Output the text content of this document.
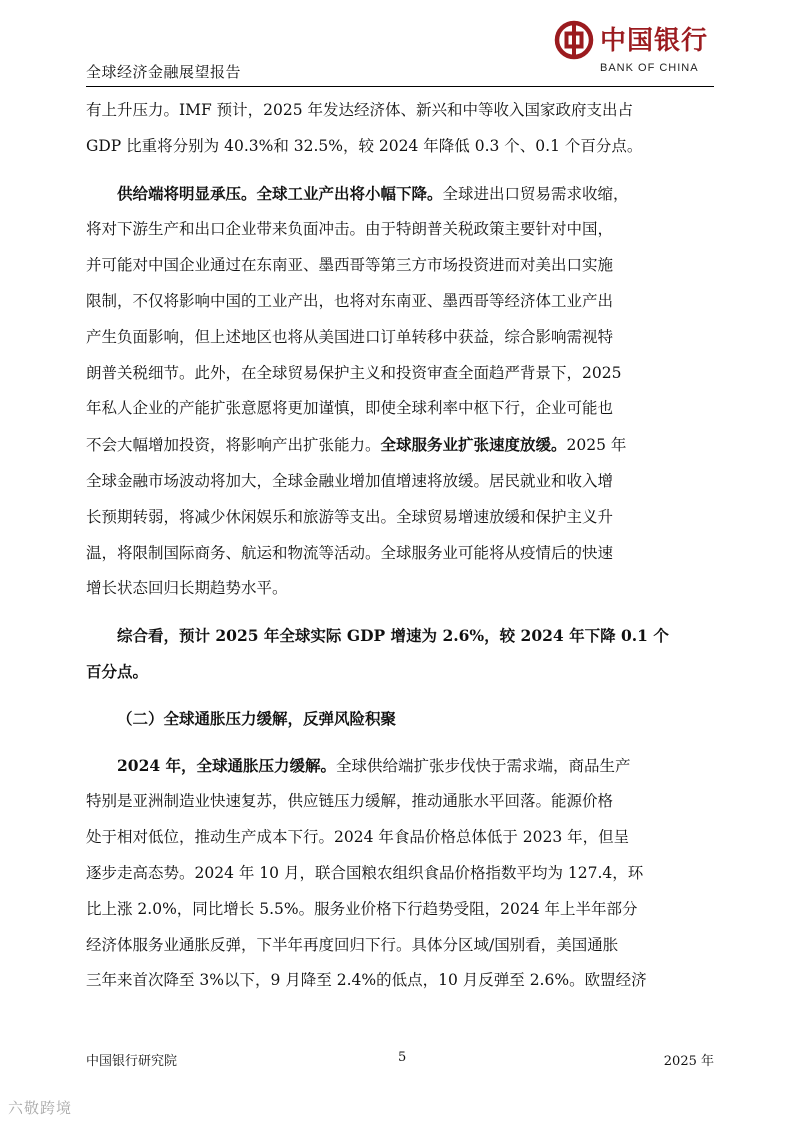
全球经济金融展望报告
中国银行
BANK OF CHINA

有上升压力。IMF 预计，2025 年发达经济体、新兴和中等收入国家政府支出占
GDP 比重将分别为 40.3%和 32.5%，较 2024 年降低 0.3 个、0.1 个百分点。

供给端将明显承压。全球工业产出将小幅下降。全球进出口贸易需求收缩，
将对下游生产和出口企业带来负面冲击。由于特朗普关税政策主要针对中国，
并可能对中国企业通过在东南亚、墨西哥等第三方市场投资进而对美出口实施
限制，不仅将影响中国的工业产出，也将对东南亚、墨西哥等经济体工业产出
产生负面影响，但上述地区也将从美国进口订单转移中获益，综合影响需视特
朗普关税细节。此外，在全球贸易保护主义和投资审查全面趋严背景下，2025
年私人企业的产能扩张意愿将更加谨慎，即使全球利率中枢下行，企业可能也
不会大幅增加投资，将影响产出扩张能力。全球服务业扩张速度放缓。2025 年
全球金融市场波动将加大，全球金融业增加值增速将放缓。居民就业和收入增
长预期转弱，将减少休闲娱乐和旅游等支出。全球贸易增速放缓和保护主义升
温，将限制国际商务、航运和物流等活动。全球服务业可能将从疫情后的快速
增长状态回归长期趋势水平。

综合看，预计 2025 年全球实际 GDP 增速为 2.6%，较 2024 年下降 0.1 个
百分点。

（二）全球通胀压力缓解，反弹风险积聚

2024 年，全球通胀压力缓解。全球供给端扩张步伐快于需求端，商品生产
特别是亚洲制造业快速复苏，供应链压力缓解，推动通胀水平回落。能源价格
处于相对低位，推动生产成本下行。2024 年食品价格总体低于 2023 年，但呈
逐步走高态势。2024 年 10 月，联合国粮农组织食品价格指数平均为 127.4，环
比上涨 2.0%，同比增长 5.5%。服务业价格下行趋势受阻，2024 年上半年部分
经济体服务业通胀反弹，下半年再度回归下行。具体分区域/国别看，美国通胀
三年来首次降至 3%以下，9 月降至 2.4%的低点，10 月反弹至 2.6%。欧盟经济

中国银行研究院	5	2025 年
六敬跨境
